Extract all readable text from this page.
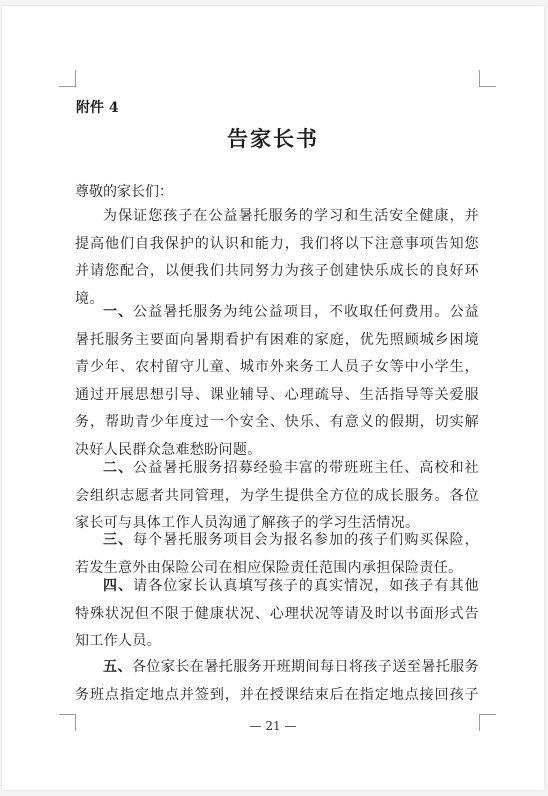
附件 4
告家长书
尊敬的家长们：

为保证您孩子在公益暑托服务的学习和生活安全健康，并
提高他们自我保护的认识和能力，我们将以下注意事项告知您
并请您配合，以便我们共同努力为孩子创建快乐成长的良好环
境。

一、公益暑托服务为纯公益项目，不收取任何费用。公益
暑托服务主要面向暑期看护有困难的家庭，优先照顾城乡困境
青少年、农村留守儿童、城市外来务工人员子女等中小学生，
通过开展思想引导、课业辅导、心理疏导、生活指导等关爱服
务，帮助青少年度过一个安全、快乐、有意义的假期，切实解
决好人民群众急难愁盼问题。

二、公益暑托服务招募经验丰富的带班班主任、高校和社
会组织志愿者共同管理，为学生提供全方位的成长服务。各位
家长可与具体工作人员沟通了解孩子的学习生活情况。

三、每个暑托服务项目会为报名参加的孩子们购买保险，
若发生意外由保险公司在相应保险责任范围内承担保险责任。

四、请各位家长认真填写孩子的真实情况，如孩子有其他
特殊状况但不限于健康状况、心理状况等请及时以书面形式告
知工作人员。

五、各位家长在暑托服务开班期间每日将孩子送至暑托服务
务班点指定地点并签到，并在授课结束后在指定地点接回孩子

— 21 —
